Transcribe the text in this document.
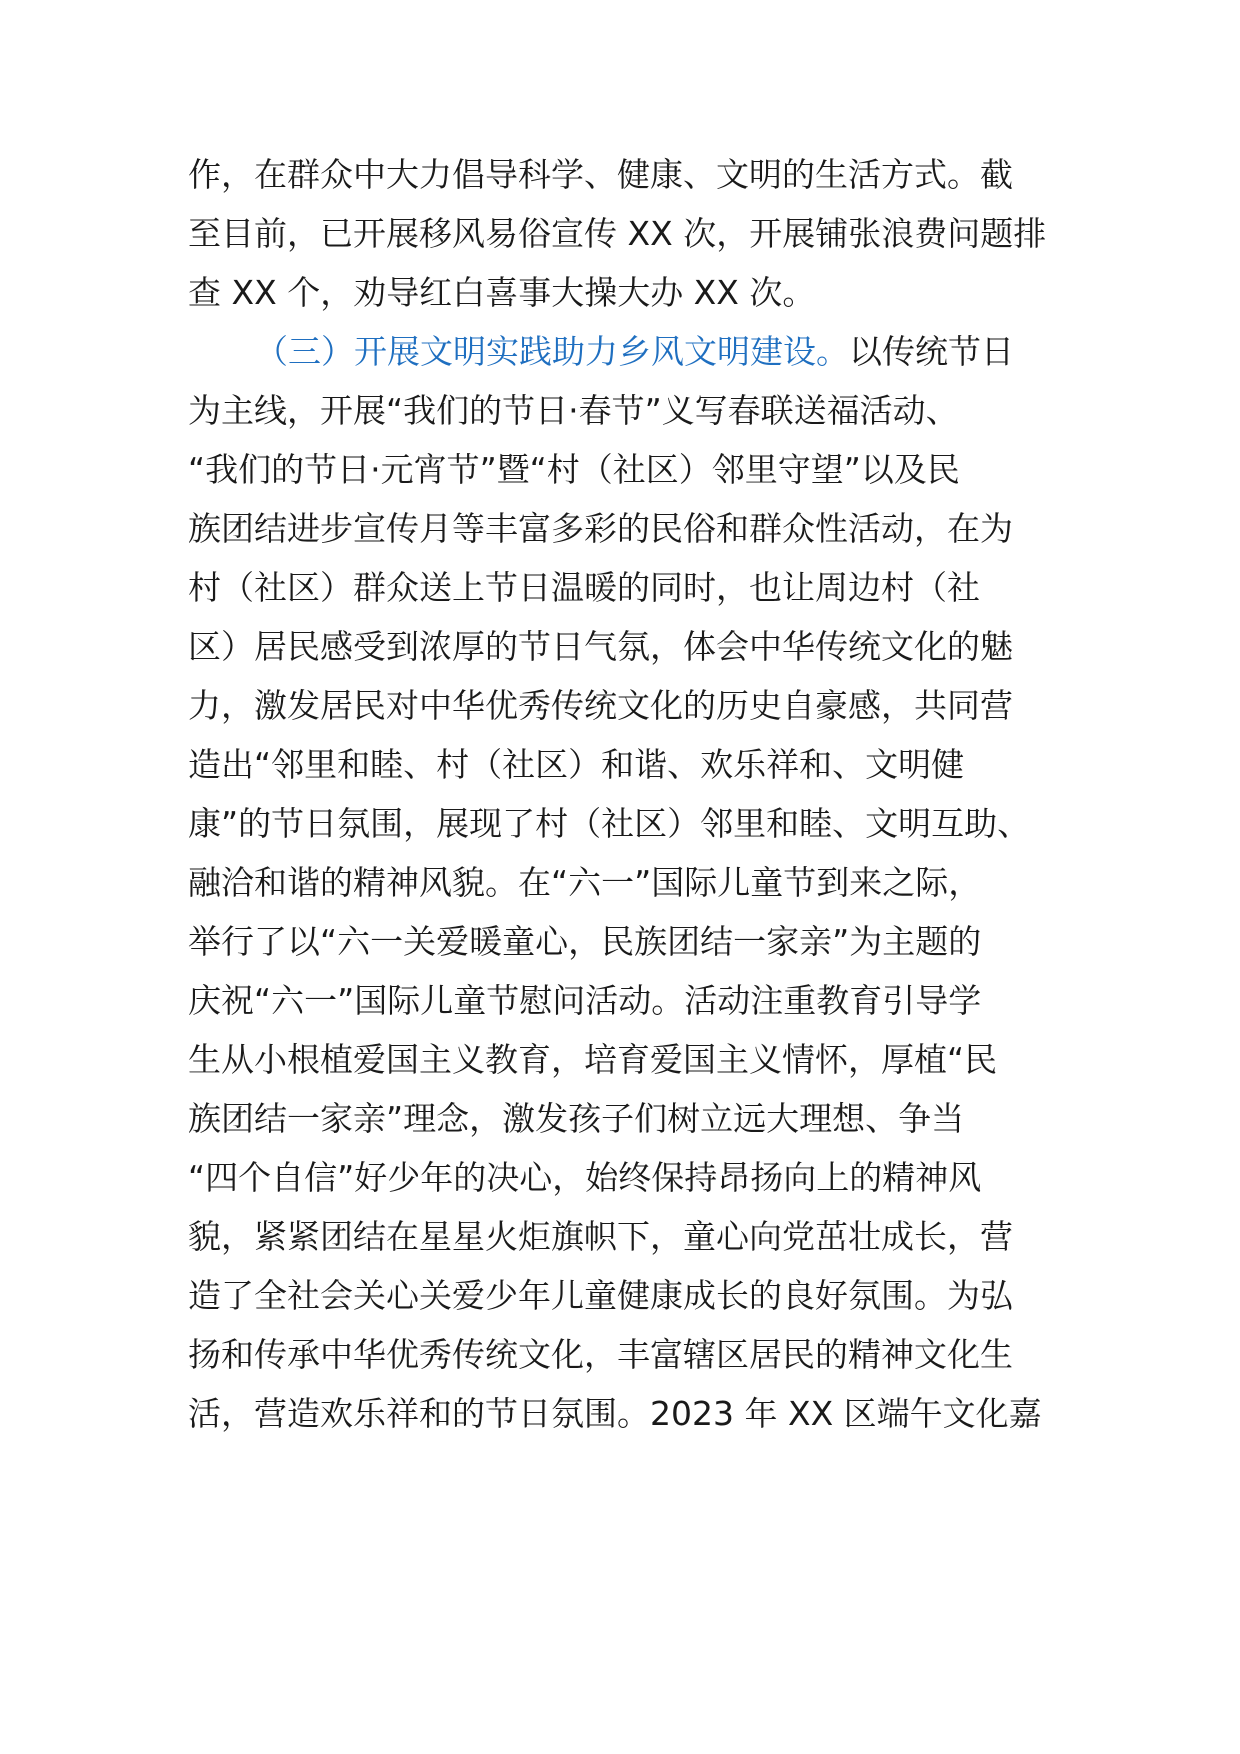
作，在群众中大力倡导科学、健康、文明的生活方式。截
至目前，已开展移风易俗宣传 XX 次，开展铺张浪费问题排
查 XX 个，劝导红白喜事大操大办 XX 次。
（三）开展文明实践助力乡风文明建设。以传统节日
为主线，开展“我们的节日·春节”义写春联送福活动、
“我们的节日·元宵节”暨“村（社区）邻里守望”以及民
族团结进步宣传月等丰富多彩的民俗和群众性活动，在为
村（社区）群众送上节日温暖的同时，也让周边村（社
区）居民感受到浓厚的节日气氛，体会中华传统文化的魅
力，激发居民对中华优秀传统文化的历史自豪感，共同营
造出“邻里和睦、村（社区）和谐、欢乐祥和、文明健
康”的节日氛围，展现了村（社区）邻里和睦、文明互助、
融洽和谐的精神风貌。在“六一”国际儿童节到来之际，
举行了以“六一关爱暖童心，民族团结一家亲”为主题的
庆祝“六一”国际儿童节慰问活动。活动注重教育引导学
生从小根植爱国主义教育，培育爱国主义情怀，厚植“民
族团结一家亲”理念，激发孩子们树立远大理想、争当
“四个自信”好少年的决心，始终保持昂扬向上的精神风
貌，紧紧团结在星星火炬旗帜下，童心向党茁壮成长，营
造了全社会关心关爱少年儿童健康成长的良好氛围。为弘
扬和传承中华优秀传统文化，丰富辖区居民的精神文化生
活，营造欢乐祥和的节日氛围。2023 年 XX 区端午文化嘉
